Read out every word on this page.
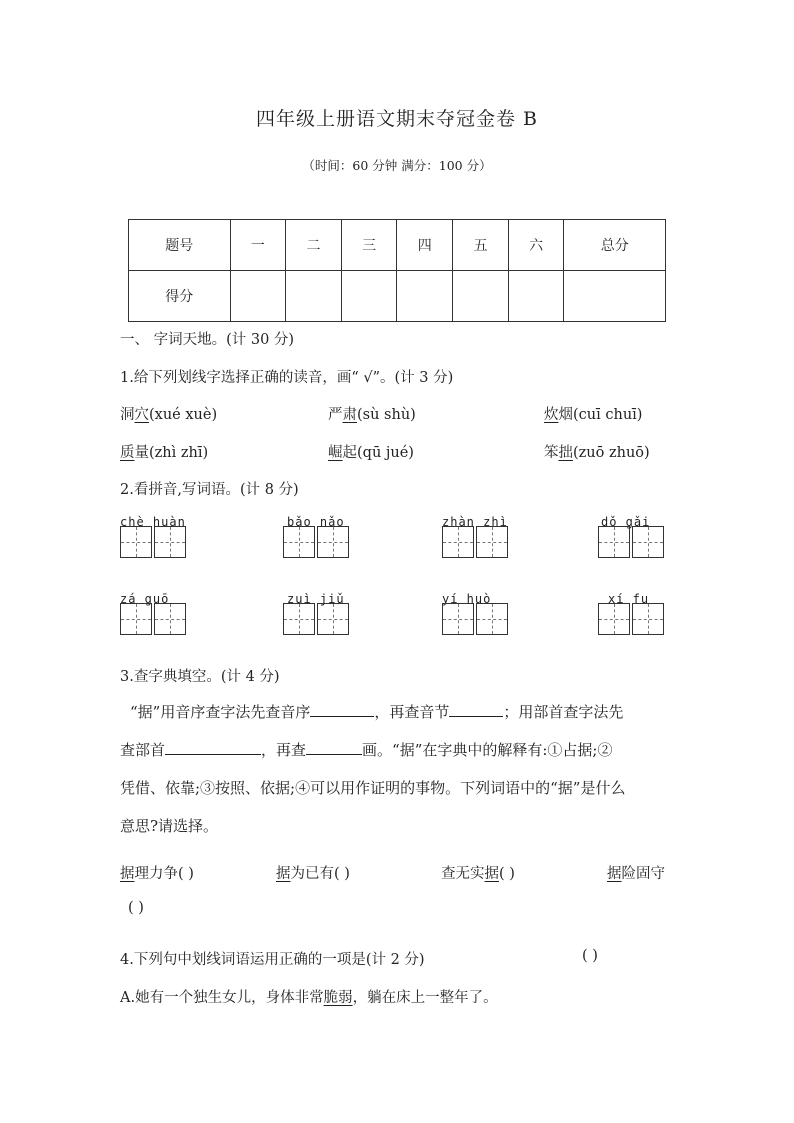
四年级上册语文期末夺冠金卷 B
（时间：60 分钟 满分：100 分）
题号	一	二	三	四	五	六	总分
得分							
一、 字词天地。(计 30 分)
1.给下列划线字选择正确的读音，画“ √”。(计 3 分)
洞穴(xué xuè)	严肃(sù shù)	炊烟(cuī chuī)
质量(zhì zhī)	崛起(qū jué)	笨拙(zuō zhuō)
2.看拼音,写词语。(计 8 分)
chè huàn	bǎo nǎo	zhàn zhì	dǒ gǎi
zá guō	zuì jiǔ	yí huò	xí fu
3.查字典填空。(计 4 分)
“据”用音序查字法先查音序	，再查音节	；用部首查字法先
查部首	，再查	画。“据”在字典中的解释有:①占据;②
凭借、依靠;③按照、依据;④可以用作证明的事物。下列词语中的“据”是什么
意思?请选择。
据理力争( )	据为已有( )	查无实据( )	据险固守
( )
4.下列句中划线词语运用正确的一项是(计 2 分)	( )
A.她有一个独生女儿，身体非常脆弱，躺在床上一整年了。
